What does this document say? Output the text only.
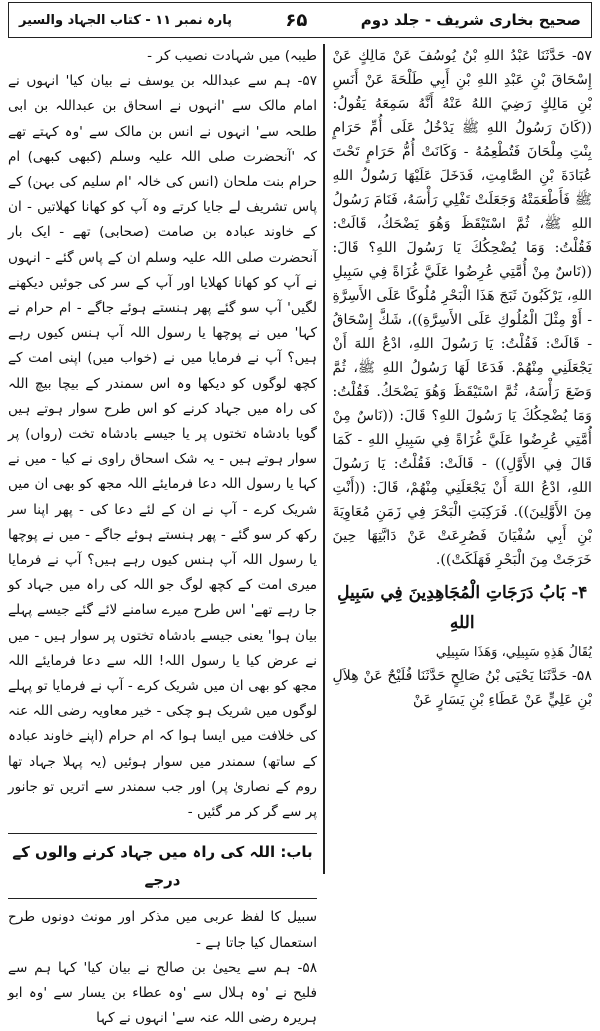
صحیح بخاری شریف - جلد دوم
۶۵
پارہ نمبر ۱۱ - کتاب الجہاد والسیر

طیبہ) میں شہادت نصیب کر -

۵۷- ہم سے عبداللہ بن یوسف نے بیان کیا' انہوں نے امام مالک سے 'انہوں نے اسحاق بن عبداللہ بن ابی طلحہ سے' انہوں نے انس بن مالک سے 'وہ کہتے تھے کہ 'آنحضرت صلی اللہ علیہ وسلم (کبھی کبھی) ام حرام بنت ملحان (انس کی خالہ 'ام سلیم کی بہن) کے پاس تشریف لے جایا کرتے وہ آپ کو کھانا کھلاتیں - ان کے خاوند عبادہ بن صامت (صحابی) تھے - ایک بار آنحضرت صلی اللہ علیہ وسلم ان کے پاس گئے - انہوں نے آپ کو کھانا کھلایا اور آپ کے سر کی جوئیں دیکھنے لگیں' آپ سو گئے پھر ہنستے ہوئے جاگے - ام حرام نے کہا' میں نے پوچھا یا رسول اللہ آپ ہنس کیوں رہے ہیں؟ آپ نے فرمایا میں نے (خواب میں) اپنی امت کے کچھ لوگوں کو دیکھا وہ اس سمندر کے بیچا بیچ اللہ کی راہ میں جہاد کرنے کو اس طرح سوار ہوتے ہیں گویا بادشاہ تختوں پر یا جیسے بادشاہ تخت (رواں) پر سوار ہوتے ہیں - یہ شک اسحاق راوی نے کیا - میں نے کہا یا رسول اللہ دعا فرمایئے اللہ مجھ کو بھی ان میں شریک کرے - آپ نے ان کے لئے دعا کی - پھر اپنا سر رکھ کر سو گئے - پھر ہنستے ہوئے جاگے - میں نے پوچھا یا رسول اللہ آپ ہنس کیوں رہے ہیں؟ آپ نے فرمایا میری امت کے کچھ لوگ جو اللہ کی راہ میں جہاد کو جا رہے تھے' اس طرح میرے سامنے لائے گئے جیسے پہلے بیان ہوا' یعنی جیسے بادشاہ تختوں پر سوار ہیں - میں نے عرض کیا یا رسول اللہ! اللہ سے دعا فرمایئے اللہ مجھ کو بھی ان میں شریک کرے - آپ نے فرمایا تو پہلے لوگوں میں شریک ہو چکی - خیر معاویہ رضی اللہ عنہ کی خلافت میں ایسا ہوا کہ ام حرام (اپنے خاوند عبادہ کے ساتھ) سمندر میں سوار ہوئیں (یہ پہلا جہاد تھا روم کے نصاریٰ پر) اور جب سمندر سے اتریں تو جانور پر سے گر کر مر گئیں -

باب: اللہ کی راہ میں جہاد کرنے والوں کے درجے

سبیل کا لفظ عربی میں مذکر اور مونث دونوں طرح استعمال کیا جاتا ہے -

۵۸- ہم سے یحییٰ بن صالح نے بیان کیا' کہا ہم سے فلیح نے 'وہ ہلال سے 'وہ عطاء بن یسار سے 'وہ ابو ہریرہ رضی اللہ عنہ سے' انہوں نے کہا

۵۷- حَدَّثَنَا عَبْدُ اللهِ بْنُ يُوسُفَ عَنْ مَالِكٍ عَنْ إِسْحَاقَ بْنِ عَبْدِ اللهِ بْنِ أَبِي طَلْحَةَ عَنْ أَنَسِ بْنِ مَالِكٍ رَضِيَ اللهُ عَنْهُ أَنَّهُ سَمِعَهُ يَقُولُ: ((كَانَ رَسُولُ اللهِ ﷺ يَدْخُلُ عَلَى أُمِّ حَرَامٍ بِنْتِ مِلْحَانَ فَتُطْعِمُهُ - وَكَانَتْ أُمُّ حَرَامٍ تَحْتَ عُبَادَةَ بْنِ الصَّامِتِ، فَدَخَلَ عَلَيْهَا رَسُولُ اللهِ ﷺ فَأَطْعَمَتْهُ وَجَعَلَتْ تَفْلِي رَأْسَهُ، فَنَامَ رَسُولُ اللهِ ﷺ، ثُمَّ اسْتَيْقَظَ وَهُوَ يَضْحَكُ، قَالَتْ: فَقُلْتُ: وَمَا يُضْحِكُكَ يَا رَسُولَ اللهِ؟ قَالَ: ((نَاسٌ مِنْ أُمَّتِي عُرِضُوا عَلَيَّ غُزَاةً فِي سَبِيلِ اللهِ، يَرْكَبُونَ ثَبَجَ هَذَا الْبَحْرِ مُلُوكًا عَلَى الأَسِرَّةِ - أَوْ مِثْلَ الْمُلُوكِ عَلَى الأَسِرَّةِ))، شَكَّ إِسْحَاقُ - قَالَتْ: فَقُلْتُ: يَا رَسُولَ اللهِ، ادْعُ اللهَ أَنْ يَجْعَلَنِي مِنْهُمْ. فَدَعَا لَهَا رَسُولُ اللهِ ﷺ، ثُمَّ وَضَعَ رَأْسَهُ، ثُمَّ اسْتَيْقَظَ وَهُوَ يَضْحَكُ. فَقُلْتُ: وَمَا يُضْحِكُكَ يَا رَسُولَ اللهِ؟ قَالَ: ((نَاسٌ مِنْ أُمَّتِي عُرِضُوا عَلَيَّ غُزَاةً فِي سَبِيلِ اللهِ - كَمَا قَالَ فِي الأَوَّلِ)) - قَالَتْ: فَقُلْتُ: يَا رَسُولَ اللهِ، ادْعُ اللهَ أَنْ يَجْعَلَنِي مِنْهُمْ، قَالَ: ((أَنْتِ مِنَ الأَوَّلِينَ)). فَرَكِبَتِ الْبَحْرَ فِي زَمَنِ مُعَاوِيَةَ بْنِ أَبِي سُفْيَانَ فَصُرِعَتْ عَنْ دَابَّتِهَا حِينَ خَرَجَتْ مِنَ الْبَحْرِ فَهَلَكَتْ)).

۴- بَابُ دَرَجَاتِ الْمُجَاهِدِينَ فِي سَبِيلِ اللهِ

يُقَالُ هَذِهِ سَبِيلِي، وَهَذَا سَبِيلِي

۵۸- حَدَّثَنَا يَحْيَى بْنُ صَالِحٍ حَدَّثَنَا فُلَيْحٌ عَنْ هِلاَلِ بْنِ عَلِيٍّ عَنْ عَطَاءِ بْنِ يَسَارٍ عَنْ
